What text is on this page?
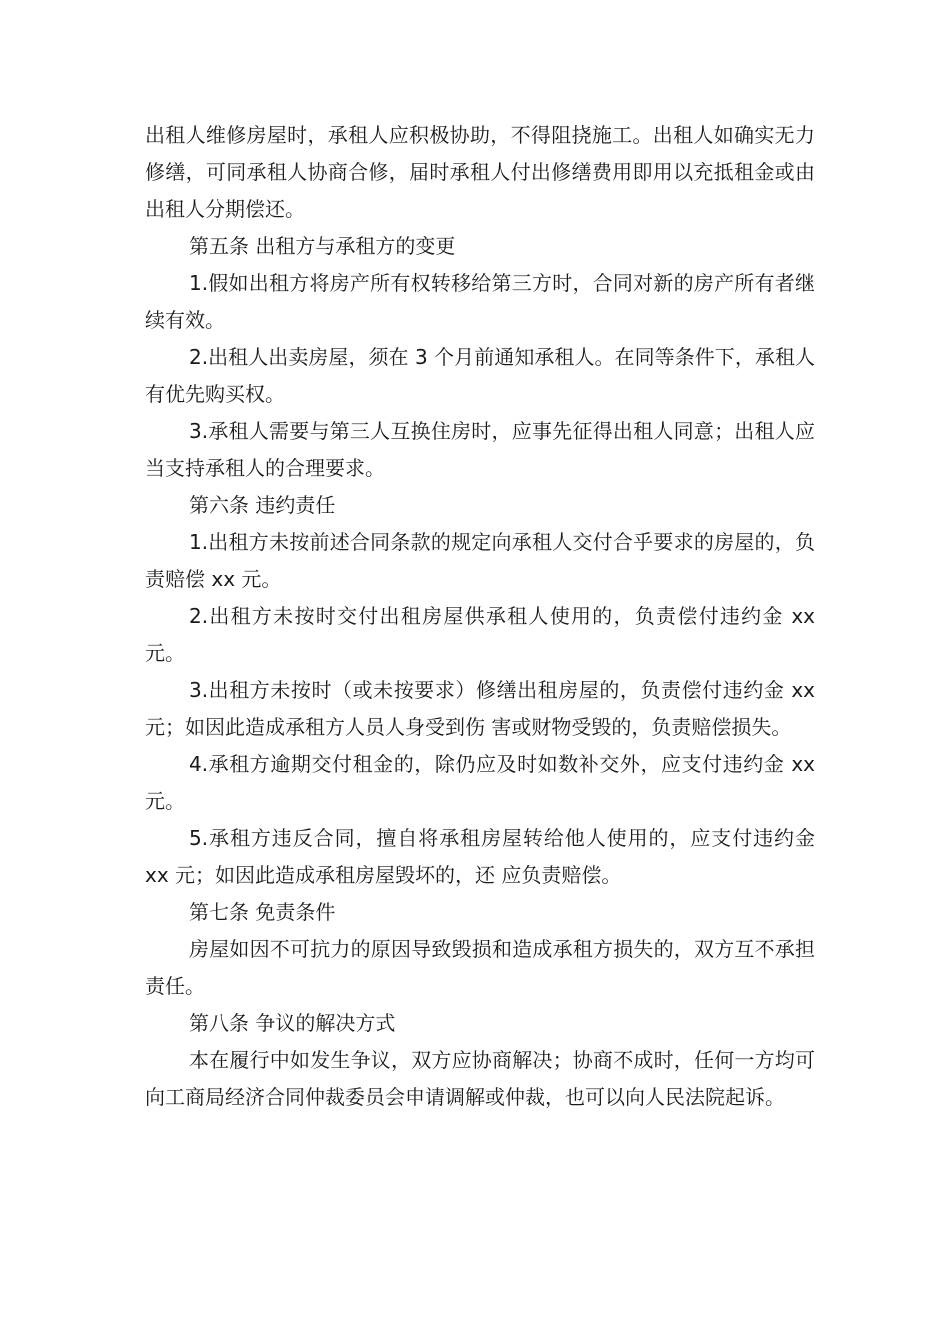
出租人维修房屋时，承租人应积极协助，不得阻挠施工。出租人如确实无力修缮，可同承租人协商合修，届时承租人付出修缮费用即用以充抵租金或由出租人分期偿还。

第五条 出租方与承租方的变更

1.假如出租方将房产所有权转移给第三方时，合同对新的房产所有者继续有效。

2.出租人出卖房屋，须在 3 个月前通知承租人。在同等条件下，承租人有优先购买权。

3.承租人需要与第三人互换住房时，应事先征得出租人同意；出租人应当支持承租人的合理要求。

第六条 违约责任

1.出租方未按前述合同条款的规定向承租人交付合乎要求的房屋的，负责赔偿 xx 元。

2.出租方未按时交付出租房屋供承租人使用的，负责偿付违约金 xx 元。

3.出租方未按时（或未按要求）修缮出租房屋的，负责偿付违约金 xx 元；如因此造成承租方人员人身受到伤 害或财物受毁的，负责赔偿损失。

4.承租方逾期交付租金的，除仍应及时如数补交外，应支付违约金 xx 元。

5.承租方违反合同，擅自将承租房屋转给他人使用的，应支付违约金 xx 元；如因此造成承租房屋毁坏的，还 应负责赔偿。

第七条 免责条件

房屋如因不可抗力的原因导致毁损和造成承租方损失的，双方互不承担责任。

第八条 争议的解决方式

本在履行中如发生争议，双方应协商解决；协商不成时，任何一方均可向工商局经济合同仲裁委员会申请调解或仲裁，也可以向人民法院起诉。
